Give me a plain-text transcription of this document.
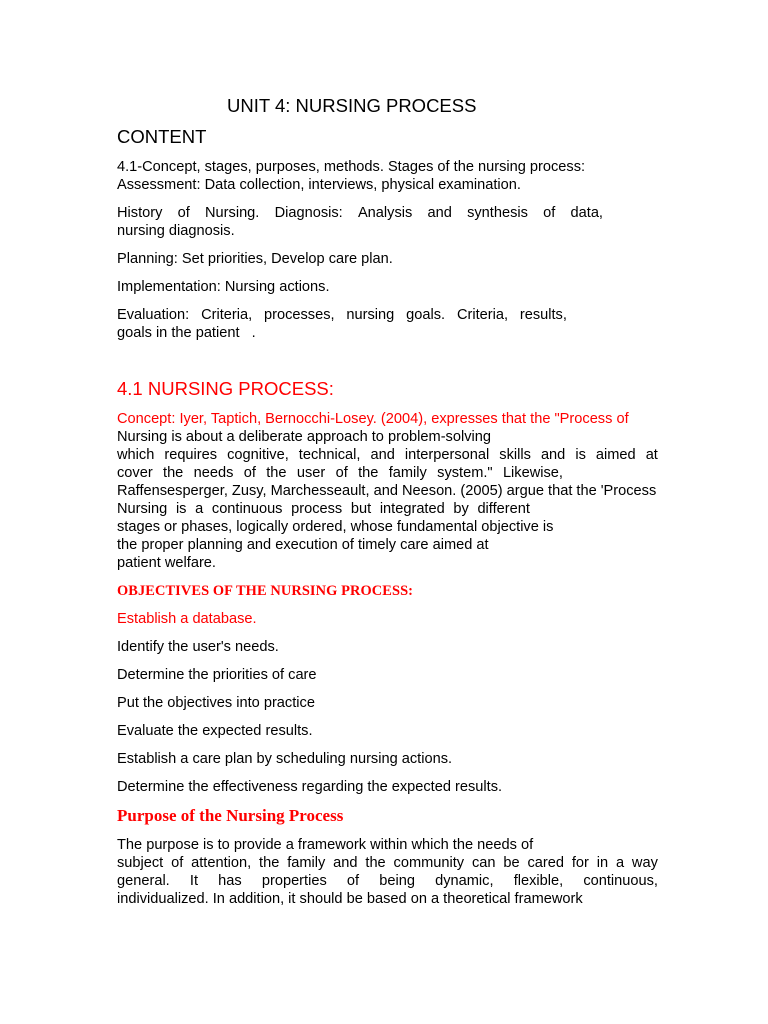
UNIT 4: NURSING PROCESS
CONTENT
4.1-Concept, stages, purposes, methods. Stages of the nursing process:
Assessment: Data collection, interviews, physical examination.
History of Nursing. Diagnosis: Analysis and synthesis of data,
nursing diagnosis.
Planning: Set priorities, Develop care plan.
Implementation: Nursing actions.
Evaluation: Criteria, processes, nursing goals. Criteria, results,
goals in the patient   .
4.1 NURSING PROCESS:
Concept: Iyer, Taptich, Bernocchi-Losey. (2004), expresses that the "Process of
Nursing is about a deliberate approach to problem-solving
which requires cognitive, technical, and interpersonal skills and is aimed at
cover the needs of the user of the family system." Likewise,
Raffensesperger, Zusy, Marchesseault, and Neeson. (2005) argue that the 'Process
Nursing is a continuous process but integrated by different
stages or phases, logically ordered, whose fundamental objective is
the proper planning and execution of timely care aimed at
patient welfare.
OBJECTIVES OF THE NURSING PROCESS:
Establish a database.
Identify the user's needs.
Determine the priorities of care
Put the objectives into practice
Evaluate the expected results.
Establish a care plan by scheduling nursing actions.
Determine the effectiveness regarding the expected results.
Purpose of the Nursing Process
The purpose is to provide a framework within which the needs of
subject of attention, the family and the community can be cared for in a way
general. It has properties of being dynamic, flexible, continuous,
individualized. In addition, it should be based on a theoretical framework
